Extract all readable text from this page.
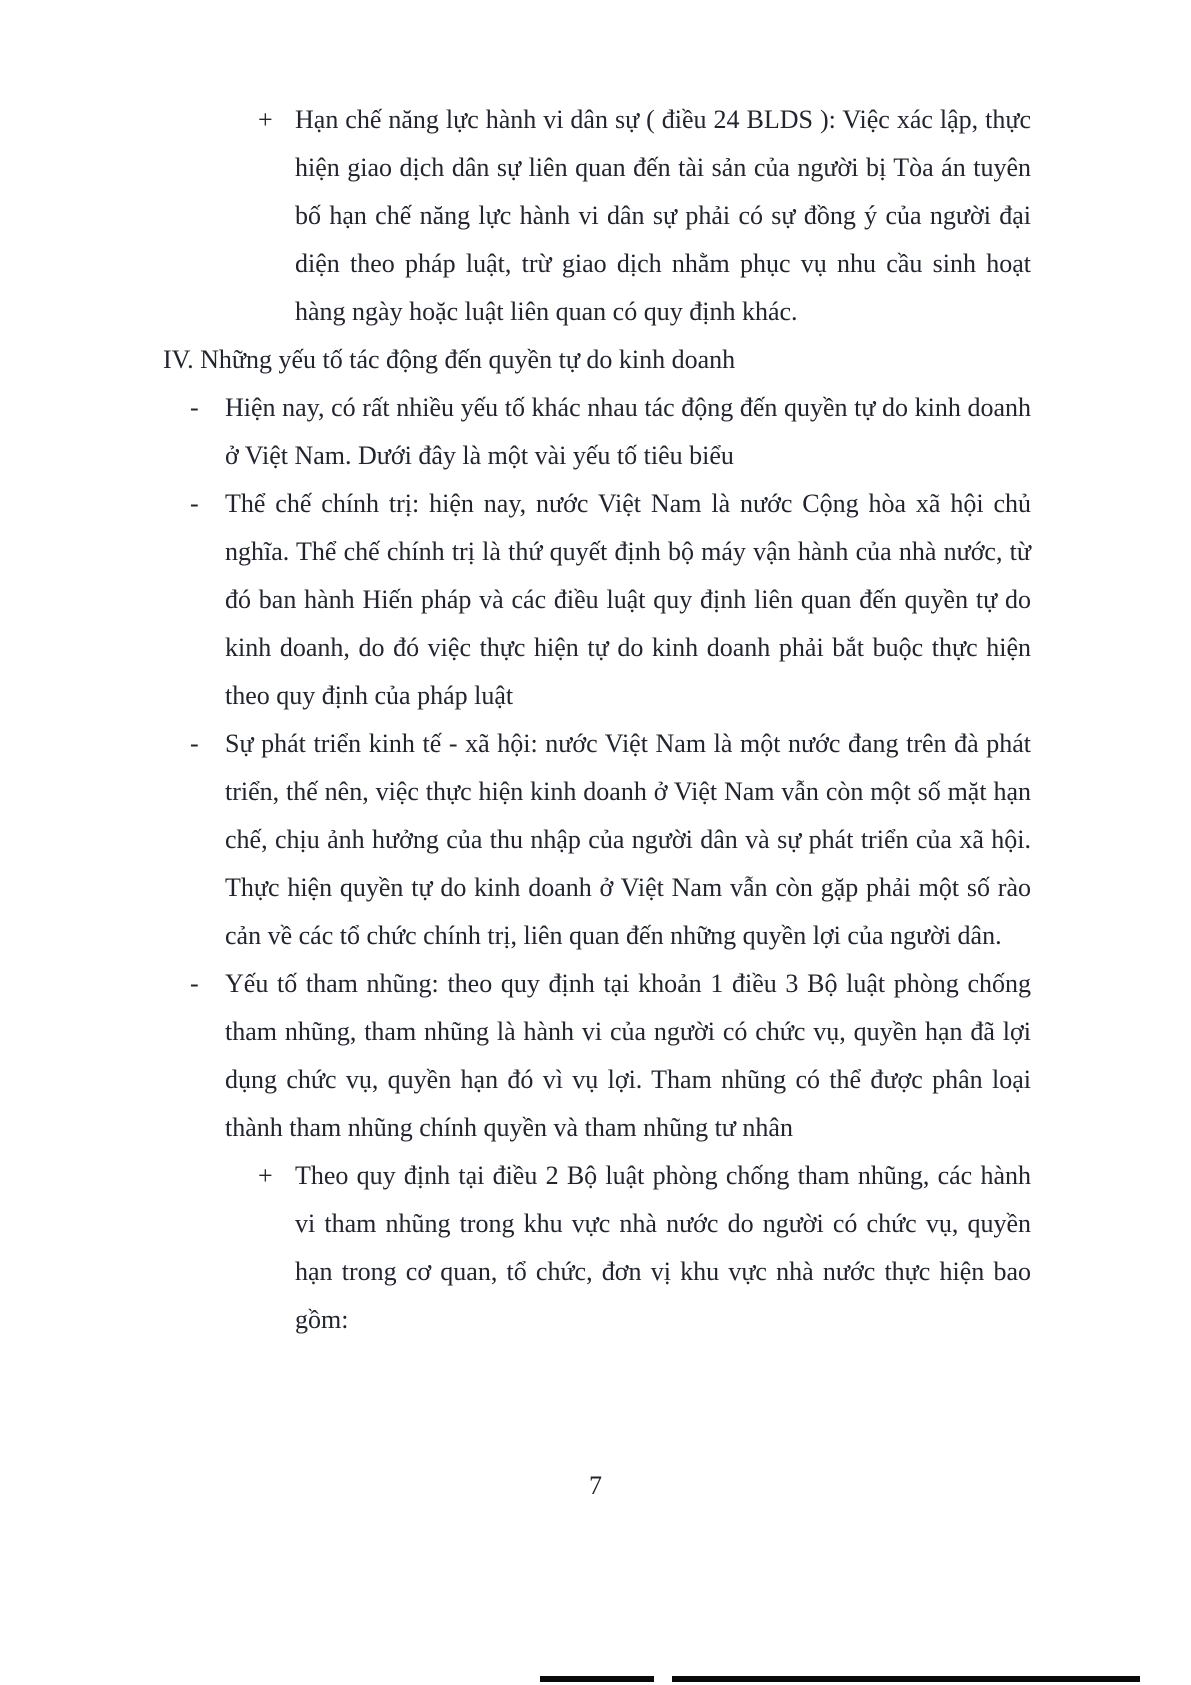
+ Hạn chế năng lực hành vi dân sự ( điều 24 BLDS ): Việc xác lập, thực hiện giao dịch dân sự liên quan đến tài sản của người bị Tòa án tuyên bố hạn chế năng lực hành vi dân sự phải có sự đồng ý của người đại diện theo pháp luật, trừ giao dịch nhằm phục vụ nhu cầu sinh hoạt hàng ngày hoặc luật liên quan có quy định khác.
IV. Những yếu tố tác động đến quyền tự do kinh doanh
-	Hiện nay, có rất nhiều yếu tố khác nhau tác động đến quyền tự do kinh doanh ở Việt Nam. Dưới đây là một vài yếu tố tiêu biểu
-	Thể chế chính trị: hiện nay, nước Việt Nam là nước Cộng hòa xã hội chủ nghĩa. Thể chế chính trị là thứ quyết định bộ máy vận hành của nhà nước, từ đó ban hành Hiến pháp và các điều luật quy định liên quan đến quyền tự do kinh doanh, do đó việc thực hiện tự do kinh doanh phải bắt buộc thực hiện theo quy định của pháp luật
-	Sự phát triển kinh tế - xã hội: nước Việt Nam là một nước đang trên đà phát triển, thế nên, việc thực hiện kinh doanh ở Việt Nam vẫn còn một số mặt hạn chế, chịu ảnh hưởng của thu nhập của người dân và sự phát triển của xã hội. Thực hiện quyền tự do kinh doanh ở Việt Nam vẫn còn gặp phải một số rào cản về các tổ chức chính trị, liên quan đến những quyền lợi của người dân.
-	Yếu tố tham nhũng: theo quy định tại khoản 1 điều 3 Bộ luật phòng chống tham nhũng, tham nhũng là hành vi của người có chức vụ, quyền hạn đã lợi dụng chức vụ, quyền hạn đó vì vụ lợi. Tham nhũng có thể được phân loại thành tham nhũng chính quyền và tham nhũng tư nhân
+ Theo quy định tại điều 2 Bộ luật phòng chống tham nhũng, các hành vi tham nhũng trong khu vực nhà nước do người có chức vụ, quyền hạn trong cơ quan, tổ chức, đơn vị khu vực nhà nước thực hiện bao gồm:
7
